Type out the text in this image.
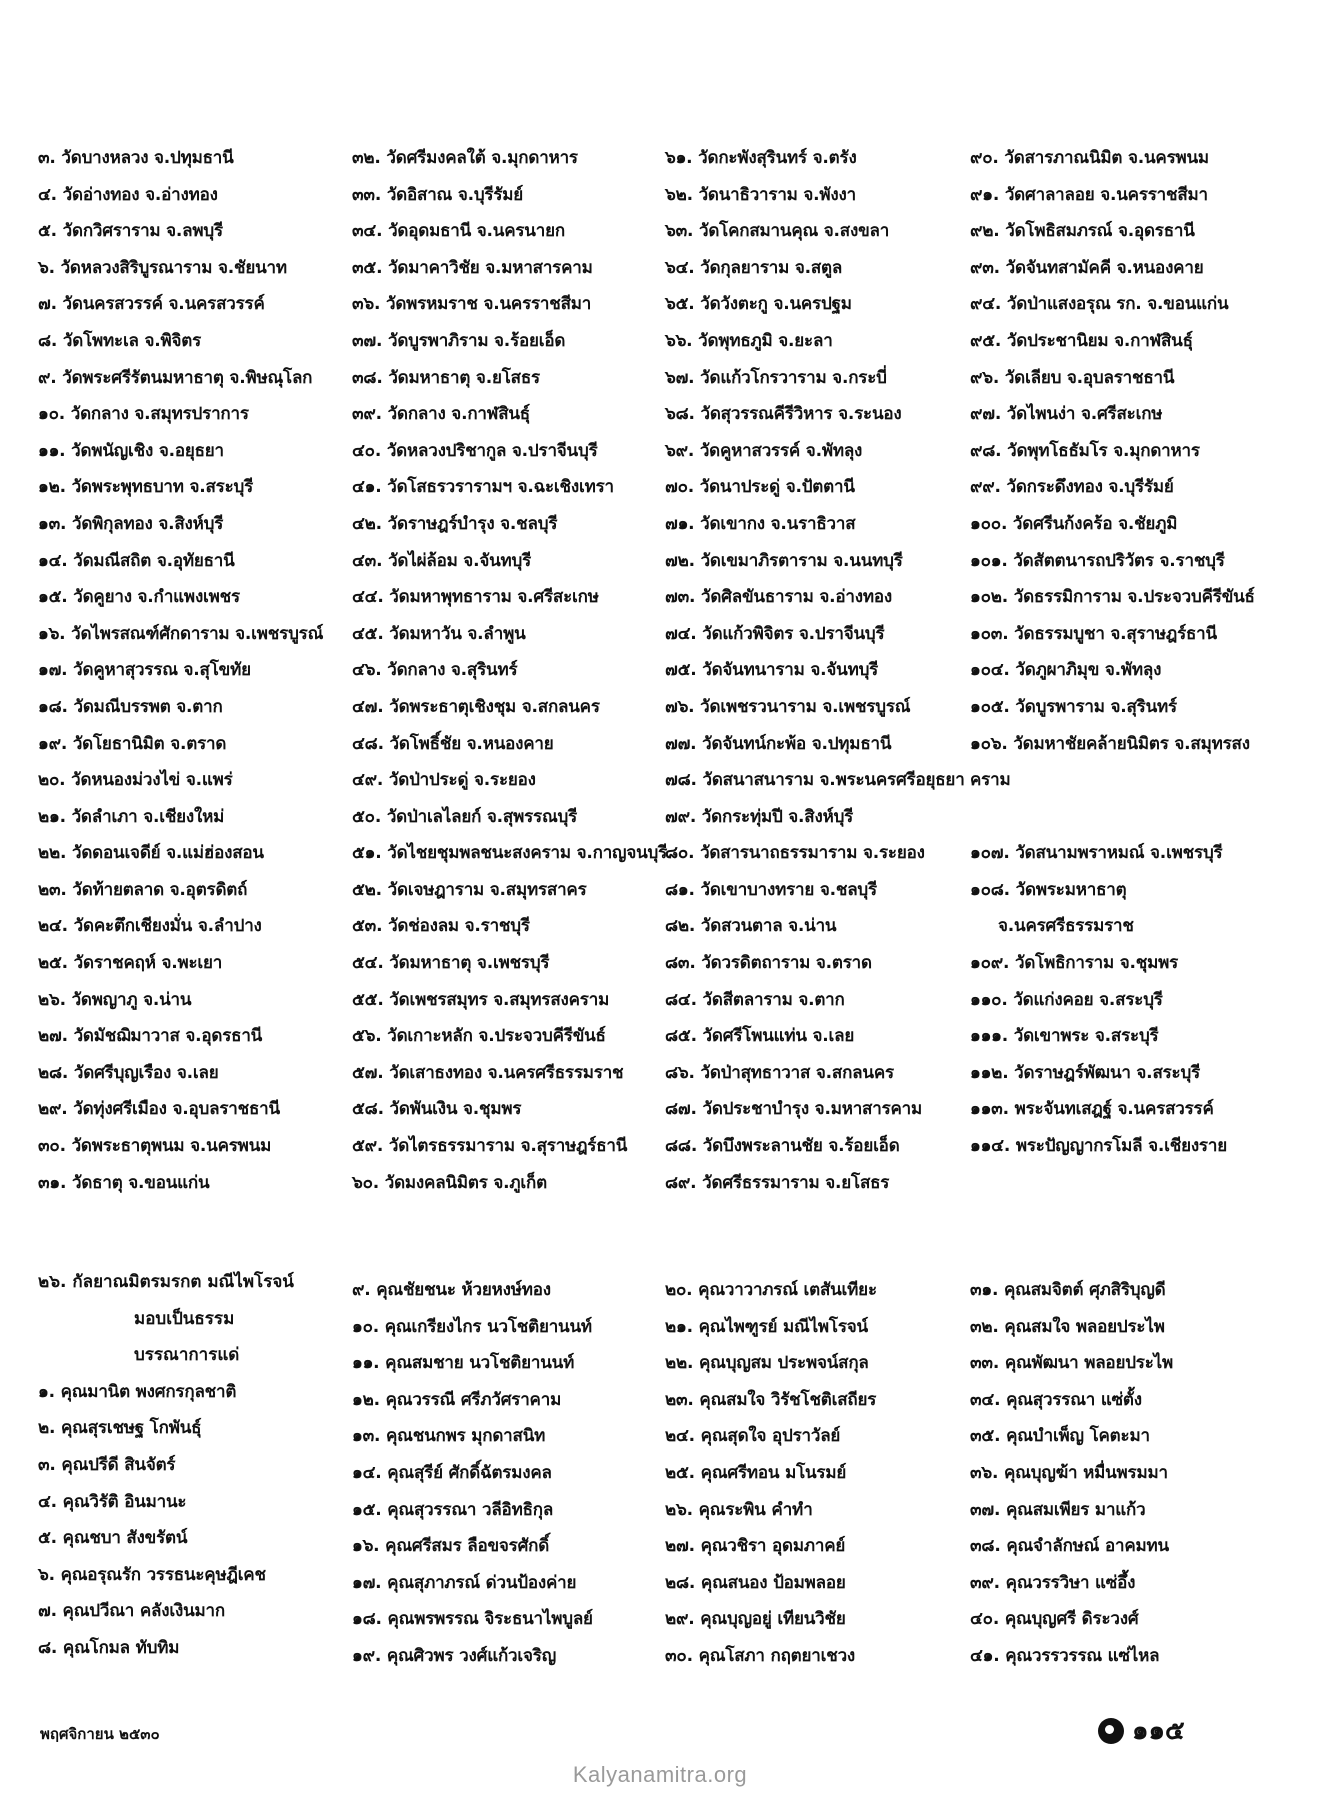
๓. วัดบางหลวง จ.ปทุมธานี
๔. วัดอ่างทอง จ.อ่างทอง
๕. วัดกวิศราราม จ.ลพบุรี
๖. วัดหลวงสิริบูรณาราม จ.ชัยนาท
๗. วัดนครสวรรค์ จ.นครสวรรค์
๘. วัดโพทะเล จ.พิจิตร
๙. วัดพระศรีรัตนมหาธาตุ จ.พิษณุโลก
๑๐. วัดกลาง จ.สมุทรปราการ
๑๑. วัดพนัญเชิง จ.อยุธยา
๑๒. วัดพระพุทธบาท จ.สระบุรี
๑๓. วัดพิกุลทอง จ.สิงห์บุรี
๑๔. วัดมณีสถิต จ.อุทัยธานี
๑๕. วัดคูยาง จ.กำแพงเพชร
๑๖. วัดไพรสณฑ์ศักดาราม จ.เพชรบูรณ์
๑๗. วัดคูหาสุวรรณ จ.สุโขทัย
๑๘. วัดมณีบรรพต จ.ตาก
๑๙. วัดโยธานิมิต จ.ตราด
๒๐. วัดหนองม่วงไข่ จ.แพร่
๒๑. วัดลำเภา จ.เชียงใหม่
๒๒. วัดดอนเจดีย์ จ.แม่ฮ่องสอน
๒๓. วัดท้ายตลาด จ.อุตรดิตถ์
๒๔. วัดคะตึกเชียงมั่น จ.ลำปาง
๒๕. วัดราชคฤห์ จ.พะเยา
๒๖. วัดพญาภู จ.น่าน
๒๗. วัดมัชฌิมาวาส จ.อุดรธานี
๒๘. วัดศรีบุญเรือง จ.เลย
๒๙. วัดทุ่งศรีเมือง จ.อุบลราชธานี
๓๐. วัดพระธาตุพนม จ.นครพนม
๓๑. วัดธาตุ จ.ขอนแก่น
๓๒. วัดศรีมงคลใต้ จ.มุกดาหาร
๓๓. วัดอิสาณ จ.บุรีรัมย์
๓๔. วัดอุดมธานี จ.นครนายก
๓๕. วัดมาคาวิชัย จ.มหาสารคาม
๓๖. วัดพรหมราช จ.นครราชสีมา
๓๗. วัดบูรพาภิราม จ.ร้อยเอ็ด
๓๘. วัดมหาธาตุ จ.ยโสธร
๓๙. วัดกลาง จ.กาฬสินธุ์
๔๐. วัดหลวงปริชากูล จ.ปราจีนบุรี
๔๑. วัดโสธรวรารามฯ จ.ฉะเชิงเทรา
๔๒. วัดราษฎร์บำรุง จ.ชลบุรี
๔๓. วัดไผ่ล้อม จ.จันทบุรี
๔๔. วัดมหาพุทธาราม จ.ศรีสะเกษ
๔๕. วัดมหาวัน จ.ลำพูน
๔๖. วัดกลาง จ.สุรินทร์
๔๗. วัดพระธาตุเชิงชุม จ.สกลนคร
๔๘. วัดโพธิ์ชัย จ.หนองคาย
๔๙. วัดป่าประดู่ จ.ระยอง
๕๐. วัดป่าเลไลยก์ จ.สุพรรณบุรี
๕๑. วัดไชยชุมพลชนะสงคราม จ.กาญจนบุรี
๕๒. วัดเจษฎาราม จ.สมุทรสาคร
๕๓. วัดช่องลม จ.ราชบุรี
๕๔. วัดมหาธาตุ จ.เพชรบุรี
๕๕. วัดเพชรสมุทร จ.สมุทรสงคราม
๕๖. วัดเกาะหลัก จ.ประจวบคีรีขันธ์
๕๗. วัดเสาธงทอง จ.นครศรีธรรมราช
๕๘. วัดพันเงิน จ.ชุมพร
๕๙. วัดไตรธรรมาราม จ.สุราษฎร์ธานี
๖๐. วัดมงคลนิมิตร จ.ภูเก็ต
๖๑. วัดกะพังสุรินทร์ จ.ตรัง
๖๒. วัดนาธิวาราม จ.พังงา
๖๓. วัดโคกสมานคุณ จ.สงขลา
๖๔. วัดกุลยาราม จ.สตูล
๖๕. วัดวังตะกู จ.นครปฐม
๖๖. วัดพุทธภูมิ จ.ยะลา
๖๗. วัดแก้วโกรวาราม จ.กระบี่
๖๘. วัดสุวรรณคีรีวิหาร จ.ระนอง
๖๙. วัดคูหาสวรรค์ จ.พัทลุง
๗๐. วัดนาประดู่ จ.ปัตตานี
๗๑. วัดเขากง จ.นราธิวาส
๗๒. วัดเขมาภิรตาราม จ.นนทบุรี
๗๓. วัดศิลขันธาราม จ.อ่างทอง
๗๔. วัดแก้วพิจิตร จ.ปราจีนบุรี
๗๕. วัดจันทนาราม จ.จันทบุรี
๗๖. วัดเพชรวนาราม จ.เพชรบูรณ์
๗๗. วัดจันทน์กะพ้อ จ.ปทุมธานี
๗๘. วัดสนาสนาราม จ.พระนครศรีอยุธยา
๗๙. วัดกระทุ่มปี จ.สิงห์บุรี
๘๐. วัดสารนาถธรรมาราม จ.ระยอง
๘๑. วัดเขาบางทราย จ.ชลบุรี
๘๒. วัดสวนตาล จ.น่าน
๘๓. วัดวรดิตถาราม จ.ตราด
๘๔. วัดสีตลาราม จ.ตาก
๘๕. วัดศรีโพนแท่น จ.เลย
๘๖. วัดป่าสุทธาวาส จ.สกลนคร
๘๗. วัดประชาบำรุง จ.มหาสารคาม
๘๘. วัดบึงพระลานชัย จ.ร้อยเอ็ด
๘๙. วัดศรีธรรมาราม จ.ยโสธร
๙๐. วัดสารภาณนิมิต จ.นครพนม
๙๑. วัดศาลาลอย จ.นครราชสีมา
๙๒. วัดโพธิสมภรณ์ จ.อุดรธานี
๙๓. วัดจันทสามัคคี จ.หนองคาย
๙๔. วัดป่าแสงอรุณ รก. จ.ขอนแก่น
๙๕. วัดประชานิยม จ.กาฬสินธุ์
๙๖. วัดเลียบ จ.อุบลราชธานี
๙๗. วัดไพนง่า จ.ศรีสะเกษ
๙๘. วัดพุทโธธัมโร จ.มุกดาหาร
๙๙. วัดกระดึงทอง จ.บุรีรัมย์
๑๐๐. วัดศรีนก้งคร้อ จ.ชัยภูมิ
๑๐๑. วัดสัตตนารถปริวัตร จ.ราชบุรี
๑๐๒. วัดธรรมิการาม จ.ประจวบคีรีขันธ์
๑๐๓. วัดธรรมบูชา จ.สุราษฎร์ธานี
๑๐๔. วัดภูผาภิมุข จ.พัทลุง
๑๐๕. วัดบูรพาราม จ.สุรินทร์
๑๐๖. วัดมหาชัยคล้ายนิมิตร จ.สมุทรสง
คราม
๑๐๗. วัดสนามพราหมณ์ จ.เพชรบุรี
๑๐๘. วัดพระมหาธาตุ
จ.นครศรีธรรมราช
๑๐๙. วัดโพธิการาม จ.ชุมพร
๑๑๐. วัดแก่งคอย จ.สระบุรี
๑๑๑. วัดเขาพระ จ.สระบุรี
๑๑๒. วัดราษฎร์พัฒนา จ.สระบุรี
๑๑๓. พระจันทเสฎฐ์ จ.นครสวรรค์
๑๑๔. พระปัญญากรโมลี จ.เชียงราย
๒๖. กัลยาณมิตรมรกต มณีไพโรจน์
มอบเป็นธรรม
บรรณาการแด่
๑. คุณมานิต พงศกรกุลชาติ
๒. คุณสุรเชษฐ โกพันธุ์
๓. คุณปรีดี สินจัตร์
๔. คุณวิรัติ อินมานะ
๕. คุณชบา สังขรัตน์
๖. คุณอรุณรัก วรรธนะคุษฎีเคช
๗. คุณปวีณา คลังเงินมาก
๘. คุณโกมล ทับทิม
๙. คุณชัยชนะ ห้วยหงษ์ทอง
๑๐. คุณเกรียงไกร นวโชติยานนท์
๑๑. คุณสมชาย นวโชติยานนท์
๑๒. คุณวรรณี ศรีภวัศราคาม
๑๓. คุณชนกพร มุกดาสนิท
๑๔. คุณสุรีย์ ศักดิ์ฉัตรมงคล
๑๕. คุณสุวรรณา วลีอิทธิกุล
๑๖. คุณศรีสมร ลือขจรศักดิ์
๑๗. คุณสุภาภรณ์ ด่วนป้องค่าย
๑๘. คุณพรพรรณ จิระธนาไพบูลย์
๑๙. คุณศิวพร วงศ์แก้วเจริญ
๒๐. คุณวาวาภรณ์ เตสันเทียะ
๒๑. คุณไพฑูรย์ มณีไพโรจน์
๒๒. คุณบุญสม ประพจน์สกุล
๒๓. คุณสมใจ วิรัชโชติเสถียร
๒๔. คุณสุดใจ อุปราวัลย์
๒๕. คุณศรีทอน มโนรมย์
๒๖. คุณระพิน คำทำ
๒๗. คุณวชิรา อุดมภาคย์
๒๘. คุณสนอง ป้อมพลอย
๒๙. คุณบุญอยู่ เทียนวิชัย
๓๐. คุณโสภา กฤตยาเชวง
๓๑. คุณสมจิตต์ ศุภสิริบุญดี
๓๒. คุณสมใจ พลอยประไพ
๓๓. คุณพัฒนา พลอยประไพ
๓๔. คุณสุวรรณา แซ่ตั้ง
๓๕. คุณบำเพ็ญ โคตะมา
๓๖. คุณบุญฆ้า หมื่นพรมมา
๓๗. คุณสมเพียร มาแก้ว
๓๘. คุณจำลักษณ์ อาคมทน
๓๙. คุณวรรวิษา แซ่อึ้ง
๔๐. คุณบุญศรี ดิระวงศ์
๔๑. คุณวรรวรรณ แซ่ไหล
พฤศจิกายน ๒๕๓๐	๑๑๕
Kalyanamitra.org
